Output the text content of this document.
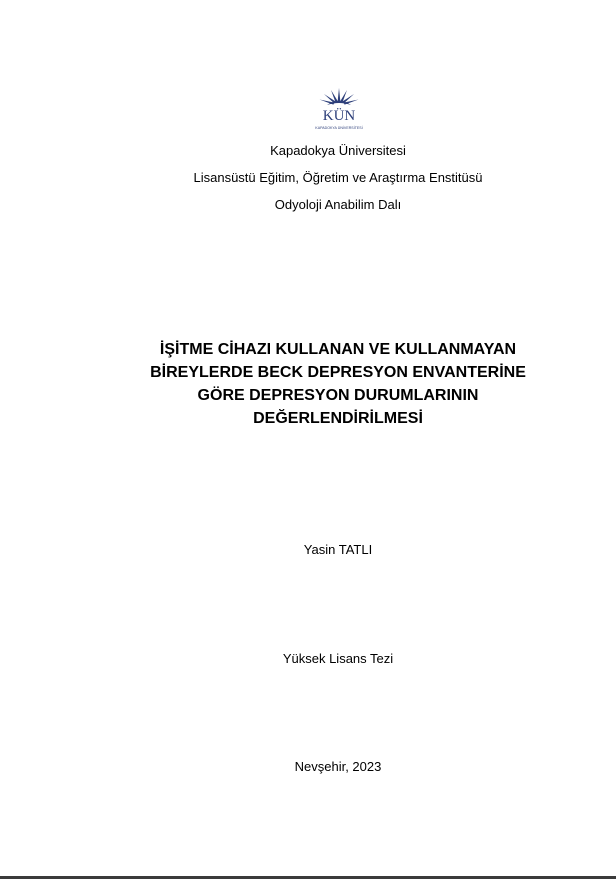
KÜN
KAPADOKYA ÜNİVERSİTESİ
Kapadokya Üniversitesi
Lisansüstü Eğitim, Öğretim ve Araştırma Enstitüsü
Odyoloji Anabilim Dalı
İŞİTME CİHAZI KULLANAN VE KULLANMAYAN
BİREYLERDE BECK DEPRESYON ENVANTERİNE
GÖRE DEPRESYON DURUMLARININ
DEĞERLENDİRİLMESİ
Yasin TATLI
Yüksek Lisans Tezi
Nevşehir, 2023
